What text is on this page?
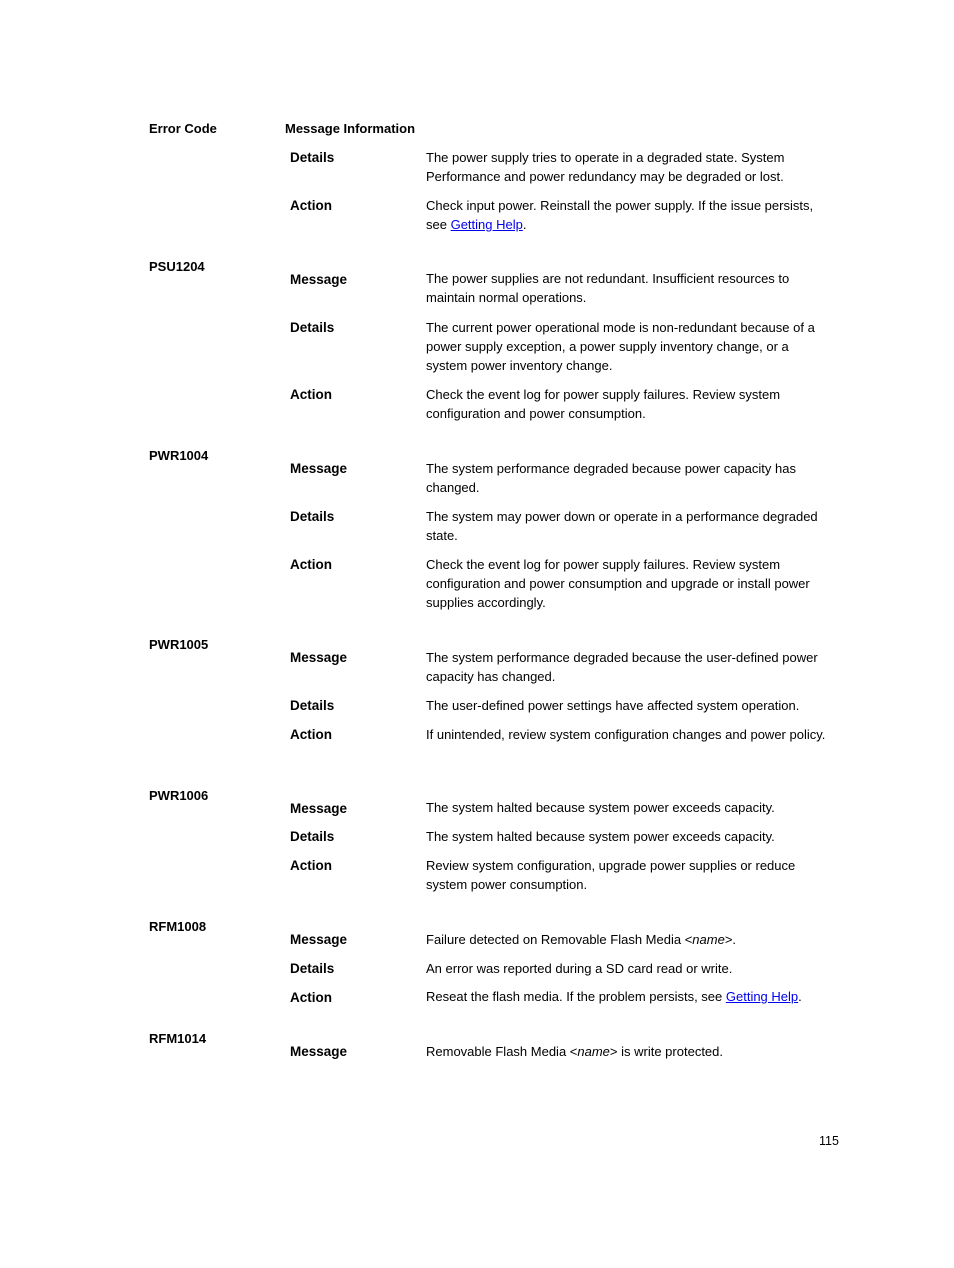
Error Code	Message Information
Details	The power supply tries to operate in a degraded state. System Performance and power redundancy may be degraded or lost.
Action	Check input power. Reinstall the power supply. If the issue persists, see Getting Help.
PSU1204
Message	The power supplies are not redundant. Insufficient resources to maintain normal operations.
Details	The current power operational mode is non-redundant because of a power supply exception, a power supply inventory change, or a system power inventory change.
Action	Check the event log for power supply failures. Review system configuration and power consumption.
PWR1004
Message	The system performance degraded because power capacity has changed.
Details	The system may power down or operate in a performance degraded state.
Action	Check the event log for power supply failures. Review system configuration and power consumption and upgrade or install power supplies accordingly.
PWR1005
Message	The system performance degraded because the user-defined power capacity has changed.
Details	The user-defined power settings have affected system operation.
Action	If unintended, review system configuration changes and power policy.
PWR1006
Message	The system halted because system power exceeds capacity.
Details	The system halted because system power exceeds capacity.
Action	Review system configuration, upgrade power supplies or reduce system power consumption.
RFM1008
Message	Failure detected on Removable Flash Media <name>.
Details	An error was reported during a SD card read or write.
Action	Reseat the flash media. If the problem persists, see Getting Help.
RFM1014
Message	Removable Flash Media <name> is write protected.
115
